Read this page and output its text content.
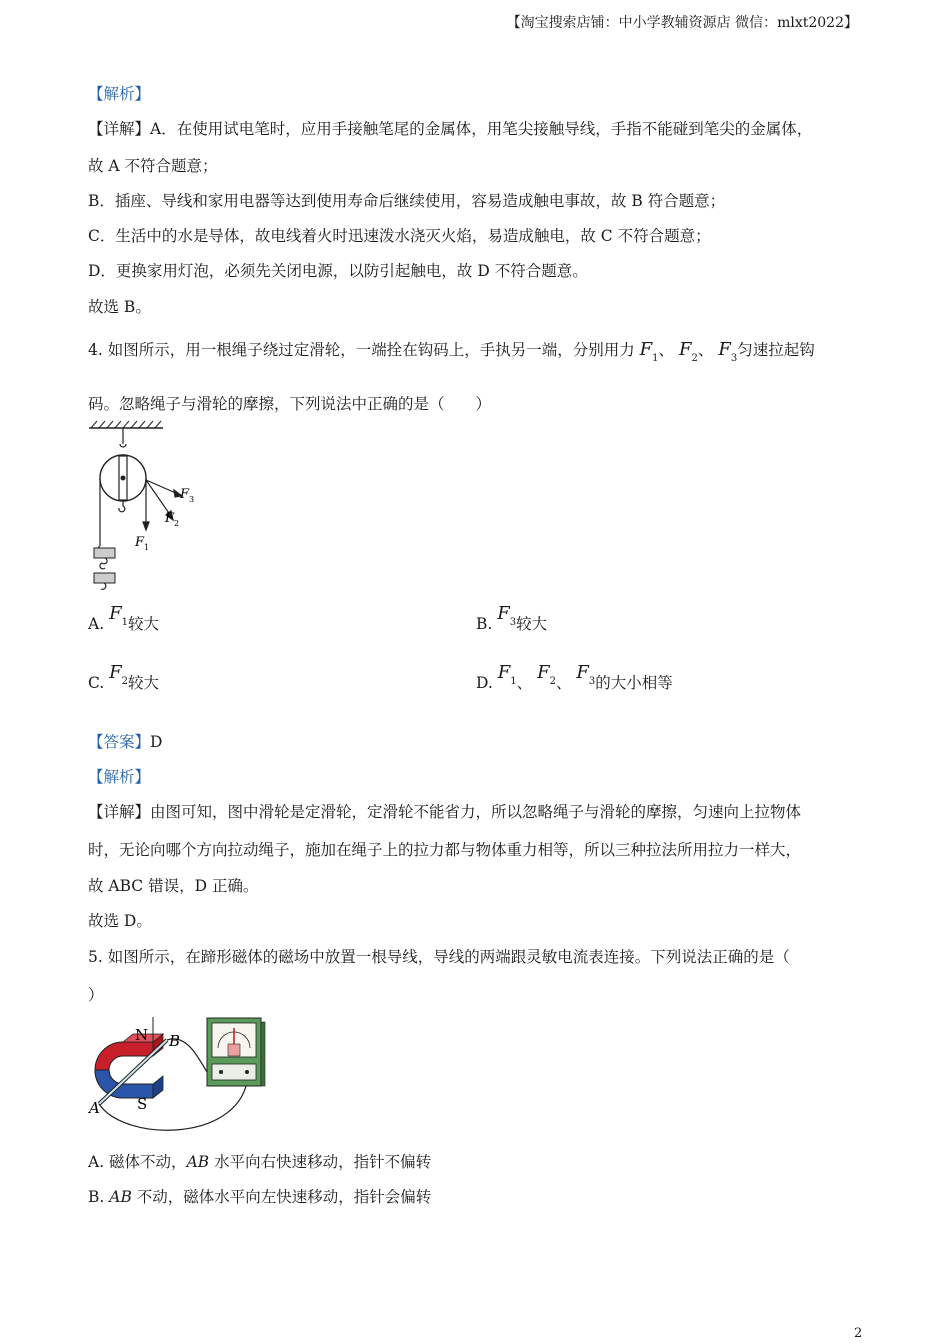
【淘宝搜索店铺：中小学教辅资源店 微信：mlxt2022】
【解析】
【详解】A．在使用试电笔时，应用手接触笔尾的金属体，用笔尖接触导线，手指不能碰到笔尖的金属体，
故 A 不符合题意；
B．插座、导线和家用电器等达到使用寿命后继续使用，容易造成触电事故，故 B 符合题意；
C．生活中的水是导体，故电线着火时迅速泼水浇灭火焰，易造成触电，故 C 不符合题意；
D．更换家用灯泡，必须先关闭电源，以防引起触电，故 D 不符合题意。
故选 B。
4. 如图所示，用一根绳子绕过定滑轮，一端拴在钩码上，手执另一端，分别用力 $F_1$、 $F_2$、 $F_3$匀速拉起钩
码。忽略绳子与滑轮的摩擦，下列说法中正确的是（　　）
F 1
F 2
F 3
A. $F^1$较大	B. $F^3$较大
C. $F^2$较大	D. $F^1$、 $F^2$、 $F^3$的大小相等
【答案】D
【解析】
【详解】由图可知，图中滑轮是定滑轮，定滑轮不能省力，所以忽略绳子与滑轮的摩擦，匀速向上拉物体
时，无论向哪个方向拉动绳子，施加在绳子上的拉力都与物体重力相等，所以三种拉法所用拉力一样大，
故 ABC 错误，D 正确。
故选 D。
5. 如图所示，在蹄形磁体的磁场中放置一根导线，导线的两端跟灵敏电流表连接。下列说法正确的是（
）
N
S
A
B
A. 磁体不动，AB 水平向右快速移动，指针不偏转
B. AB 不动，磁体水平向左快速移动，指针会偏转
2
